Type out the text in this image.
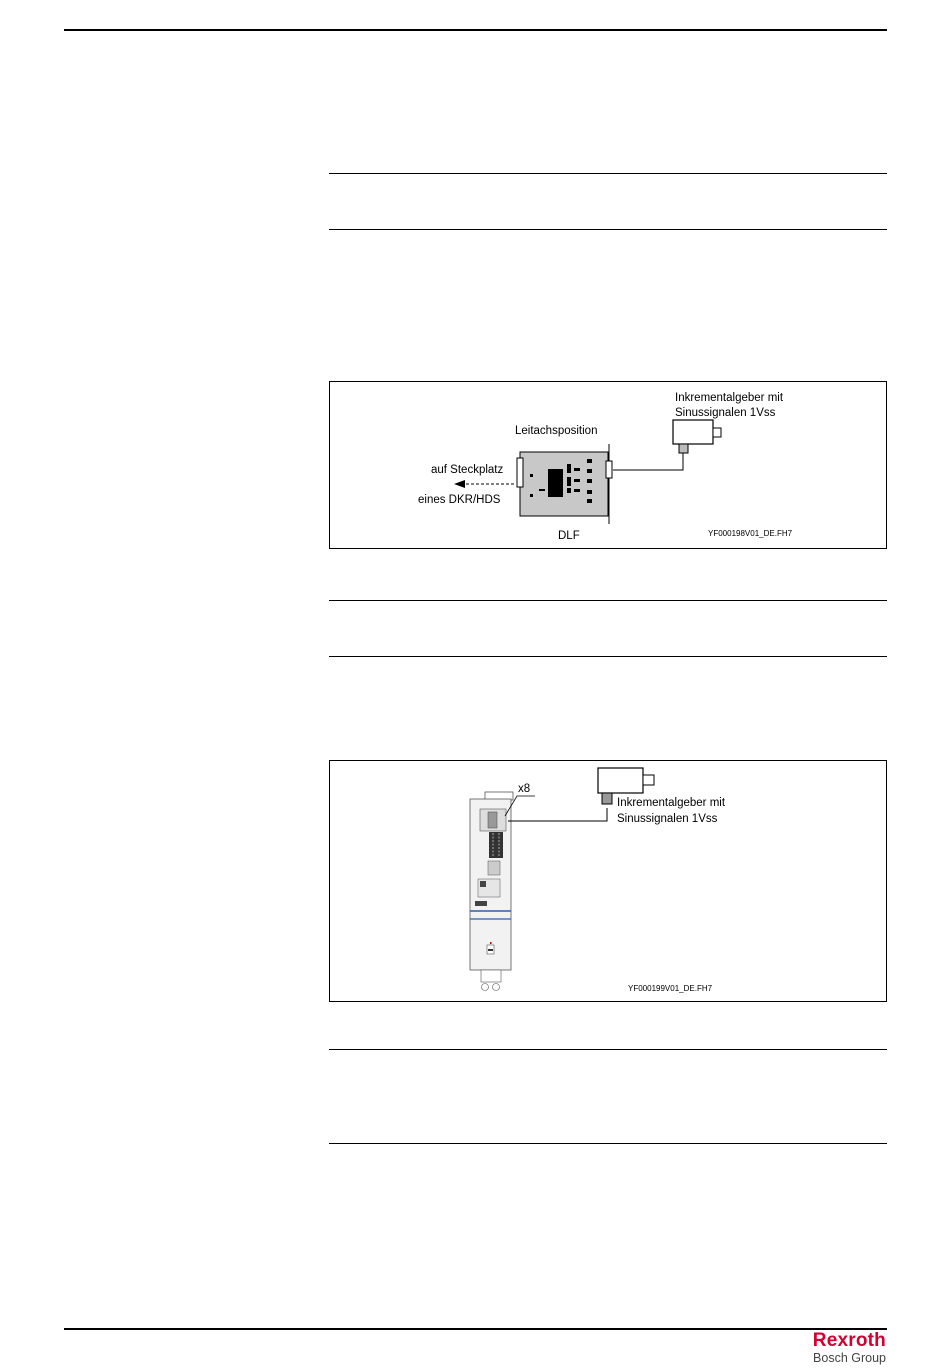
Inkrementalgeber mit
Sinussignalen 1Vss
Leitachsposition
auf Steckplatz
eines DKR/HDS
DLF	YF000198V01_DE.FH7
x8
Inkrementalgeber mit
Sinussignalen 1Vss
YF000199V01_DE.FH7
Rexroth
Bosch Group
